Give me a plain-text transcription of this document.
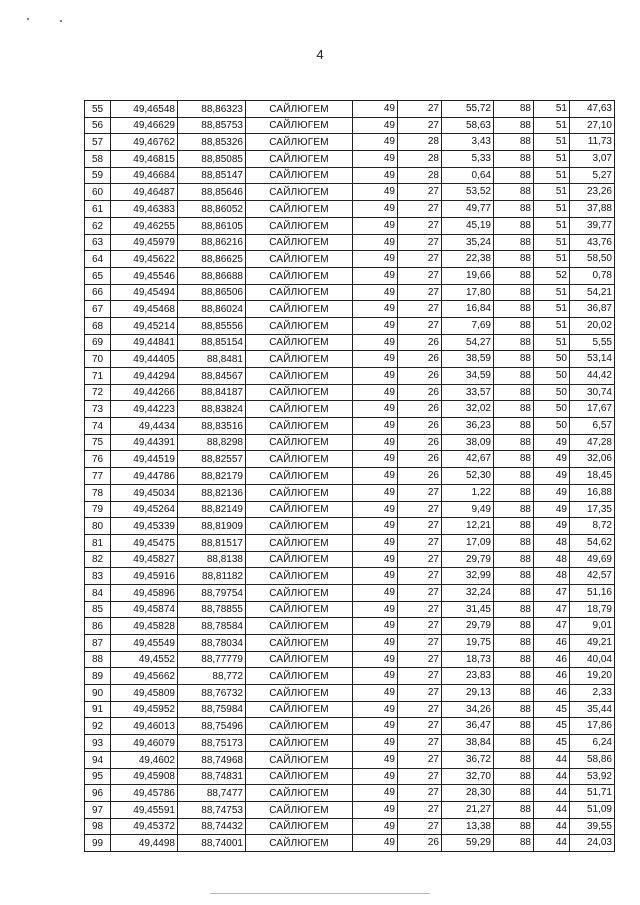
4
55	49,46548	88,86323	САЙЛЮГЕМ	49	27	55,72	88	51	47,63
56	49,46629	88,85753	САЙЛЮГЕМ	49	27	58,63	88	51	27,10
57	49,46762	88,85326	САЙЛЮГЕМ	49	28	3,43	88	51	11,73
58	49,46815	88,85085	САЙЛЮГЕМ	49	28	5,33	88	51	3,07
59	49,46684	88,85147	САЙЛЮГЕМ	49	28	0,64	88	51	5,27
60	49,46487	88,85646	САЙЛЮГЕМ	49	27	53,52	88	51	23,26
61	49,46383	88,86052	САЙЛЮГЕМ	49	27	49,77	88	51	37,88
62	49,46255	88,86105	САЙЛЮГЕМ	49	27	45,19	88	51	39,77
63	49,45979	88,86216	САЙЛЮГЕМ	49	27	35,24	88	51	43,76
64	49,45622	88,86625	САЙЛЮГЕМ	49	27	22,38	88	51	58,50
65	49,45546	88,86688	САЙЛЮГЕМ	49	27	19,66	88	52	0,78
66	49,45494	88,86506	САЙЛЮГЕМ	49	27	17,80	88	51	54,21
67	49,45468	88,86024	САЙЛЮГЕМ	49	27	16,84	88	51	36,87
68	49,45214	88,85556	САЙЛЮГЕМ	49	27	7,69	88	51	20,02
69	49,44841	88,85154	САЙЛЮГЕМ	49	26	54,27	88	51	5,55
70	49,44405	88,8481	САЙЛЮГЕМ	49	26	38,59	88	50	53,14
71	49,44294	88,84567	САЙЛЮГЕМ	49	26	34,59	88	50	44,42
72	49,44266	88,84187	САЙЛЮГЕМ	49	26	33,57	88	50	30,74
73	49,44223	88,83824	САЙЛЮГЕМ	49	26	32,02	88	50	17,67
74	49,4434	88,83516	САЙЛЮГЕМ	49	26	36,23	88	50	6,57
75	49,44391	88,8298	САЙЛЮГЕМ	49	26	38,09	88	49	47,28
76	49,44519	88,82557	САЙЛЮГЕМ	49	26	42,67	88	49	32,06
77	49,44786	88,82179	САЙЛЮГЕМ	49	26	52,30	88	49	18,45
78	49,45034	88,82136	САЙЛЮГЕМ	49	27	1,22	88	49	16,88
79	49,45264	88,82149	САЙЛЮГЕМ	49	27	9,49	88	49	17,35
80	49,45339	88,81909	САЙЛЮГЕМ	49	27	12,21	88	49	8,72
81	49,45475	88,81517	САЙЛЮГЕМ	49	27	17,09	88	48	54,62
82	49,45827	88,8138	САЙЛЮГЕМ	49	27	29,79	88	48	49,69
83	49,45916	88,81182	САЙЛЮГЕМ	49	27	32,99	88	48	42,57
84	49,45896	88,79754	САЙЛЮГЕМ	49	27	32,24	88	47	51,16
85	49,45874	88,78855	САЙЛЮГЕМ	49	27	31,45	88	47	18,79
86	49,45828	88,78584	САЙЛЮГЕМ	49	27	29,79	88	47	9,01
87	49,45549	88,78034	САЙЛЮГЕМ	49	27	19,75	88	46	49,21
88	49,4552	88,77779	САЙЛЮГЕМ	49	27	18,73	88	46	40,04
89	49,45662	88,772	САЙЛЮГЕМ	49	27	23,83	88	46	19,20
90	49,45809	88,76732	САЙЛЮГЕМ	49	27	29,13	88	46	2,33
91	49,45952	88,75984	САЙЛЮГЕМ	49	27	34,26	88	45	35,44
92	49,46013	88,75496	САЙЛЮГЕМ	49	27	36,47	88	45	17,86
93	49,46079	88,75173	САЙЛЮГЕМ	49	27	38,84	88	45	6,24
94	49,4602	88,74968	САЙЛЮГЕМ	49	27	36,72	88	44	58,86
95	49,45908	88,74831	САЙЛЮГЕМ	49	27	32,70	88	44	53,92
96	49,45786	88,7477	САЙЛЮГЕМ	49	27	28,30	88	44	51,71
97	49,45591	88,74753	САЙЛЮГЕМ	49	27	21,27	88	44	51,09
98	49,45372	88,74432	САЙЛЮГЕМ	49	27	13,38	88	44	39,55
99	49,4498	88,74001	САЙЛЮГЕМ	49	26	59,29	88	44	24,03
